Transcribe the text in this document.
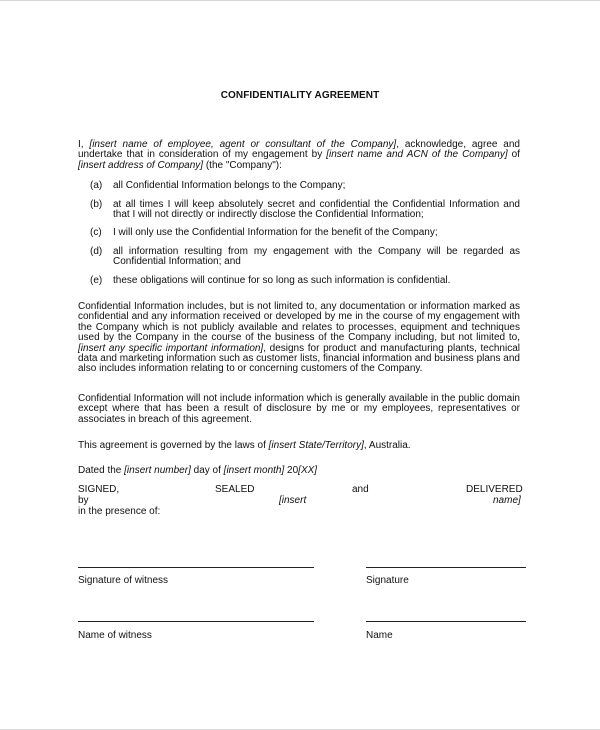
CONFIDENTIALITY AGREEMENT
I, [insert name of employee, agent or consultant of the Company], acknowledge, agree and undertake that in consideration of my engagement by [insert name and ACN of the Company] of [insert address of Company] (the "Company"):
(a) all Confidential Information belongs to the Company;
(b) at all times I will keep absolutely secret and confidential the Confidential Information and that I will not directly or indirectly disclose the Confidential Information;
(c) I will only use the Confidential Information for the benefit of the Company;
(d) all information resulting from my engagement with the Company will be regarded as Confidential Information; and
(e) these obligations will continue for so long as such information is confidential.
Confidential Information includes, but is not limited to, any documentation or information marked as confidential and any information received or developed by me in the course of my engagement with the Company which is not publicly available and relates to processes, equipment and techniques used by the Company in the course of the business of the Company including, but not limited to, [insert any specific important information], designs for product and manufacturing plants, technical data and marketing information such as customer lists, financial information and business plans and also includes information relating to or concerning customers of the Company.
Confidential Information will not include information which is generally available in the public domain except where that has been a result of disclosure by me or my employees, representatives or associates in breach of this agreement.
This agreement is governed by the laws of [insert State/Territory], Australia.
Dated the [insert number] day of [insert month] 20[XX]
SIGNED,	SEALED	and	DELIVERED
by	[insert	name]
in the presence of:
Signature of witness	Signature
Name of witness	Name
